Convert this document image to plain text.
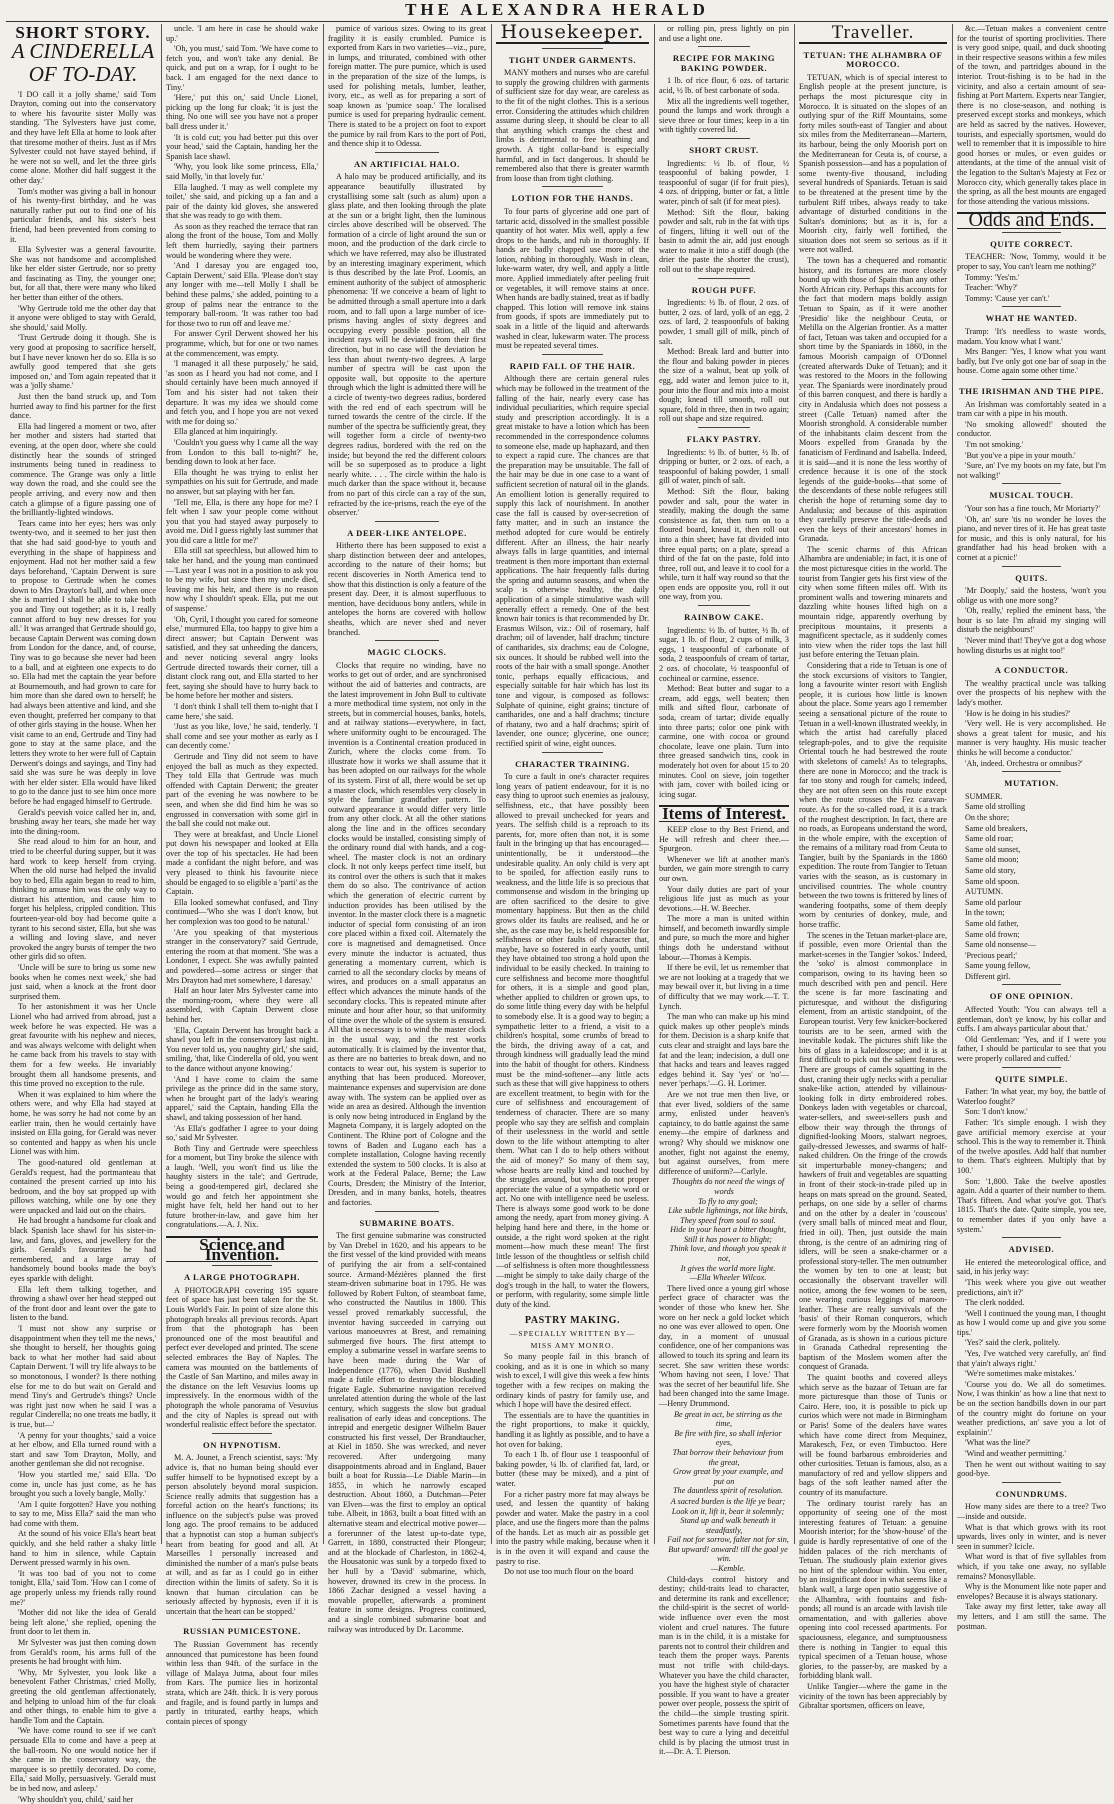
THE ALEXANDRA HERALD
SHORT STORY.
A CINDERELLA OF TO-DAY.

'I DO call it a jolly shame,' said Tom Drayton, coming out into the conservatory to where his favourite sister Molly was standing. 'The Sylvesters have just come, and they have left Ella at home to look after that tiresome mother of theirs. Just as if Mrs Sylvester could not have stayed behind, if he were not so well, and let the three girls come alone. Mother did half suggest it the other day.'

Tom's mother was giving a ball in honour of his twenty-first birthday, and he was naturally rather put out to find one of his particular friends, and his sister's best friend, had been prevented from coming to it.

Ella Sylvester was a general favourite. She was not handsome and accomplished like her elder sister Gertrude, nor so pretty and fascinating as Tiny, the younger one; but, for all that, there were many who liked her better than either of the others.

'Why Gertrude told me the other day that it anyone were obliged to stay with Gerald, she should,' said Molly.

'Trust Gertrude doing it though. She is very good at proposing to sacrifice herself, but I have never known her do so. Ella is so awfully good tempered that she gets imposed on,' and Tom again repeated that it was a 'jolly shame.'

Just then the band struck up, and Tom hurried away to find his partner for the first dance.

Ella had lingered a moment or two, after her mother and sisters had started that evening, at the open door, where she could distinctly hear the sounds of stringed instruments being tuned in readiness to commence. The Grange was only a little way down the road, and she could see the people arriving, and every now and then catch a glimpse of a figure passing one of the brilliantly-lighted windows.

Tears came into her eyes; hers was only twenty-two, and it seemed to her just then that she had said good-bye to youth and everything in the shape of happiness and enjoyment. Had not her mother said a few days beforehand, 'Captain Derwent is sure to propose to Gertrude when he comes down to Mrs Drayton's ball, and when once she is married I shall be able to take both you and Tiny out together; as it is, I really cannot afford to buy new dresses for you all.' It was arranged that Gertrude should go, because Captain Derwent was coming down from London for the dance, and, of course, Tiny was to go because she never had been to a ball, and at eighteen one expects to do so. Ella had met the captain the year before at Bournemouth, and had grown to care for him more than she dared own to herself; he had always been attentive and kind, and she even thought, preferred her company to that of other girls staying in the house. When her visit came to an end, Gertrude and Tiny had gone to stay at the same place, and the letters they wrote to her were full of Captain Derwent's doings and sayings, and Tiny had said she was sure he was deeply in love with her elder sister. Ella would have liked to go to the dance just to see him once more before he had engaged himself to Gertrude.

Gerald's peevish voice called her in, and, brushing away her tears, she made her way into the dining-room.

She read aloud to him for an hour, and tried to be cheerful during supper, but it was hard work to keep herself from crying. When the old nurse had helped the invalid boy to bed, Ella again began to read to him, thinking to amuse him was the only way to distract his attention, and cause him to forget his helpless, crippled condition. This fourteen-year-old boy had become quite a tyrant to his second sister, Ella, but she was a willing and loving slave, and never provoked the angry bursts of temper the two other girls did so often.

'Uncle will be sure to bring us some new books when he comes next week,' she had just said, when a knock at the front door surprised them.

To her astonishment it was her Uncle Lionel who had arrived from abroad, just a week before he was expected. He was a great favourite with his nephew and nieces, and was always welcome with delight when he came back from his travels to stay with them for a few weeks. He invariably brought them all handsome presents, and this time proved no exception to the rule.

When it was explained to him where the others were, and why Ella had stayed at home, he was sorry he had not come by an earlier train, then he would certainly have insisted on Ella going, for Gerald was never so contented and happy as when his uncle Lionel was with him.

The good-natured old gentleman at Gerald's request, had the portmanteau that contained the present carried up into his bedroom, and the boy sat propped up with pillows watching, while one by one they were unpacked and laid out on the chairs.

He had brought a handsome fur cloak and black Spanish lace shawl for his sister-in-law, and fans, gloves, and jewellery for the girls. Gerald's favourites he had remembered, and a large array of handsomely bound books made the boy's eyes sparkle with delight.

Ella left them talking together, and throwing a shawl over her head stepped out of the front door and leant over the gate to listen to the band.

'I must not show any surprise or disappointment when they tell me the news,' she thought to herself, her thoughts going back to what her mother had said about Captain Derwent. 'I will try life always to be so monotonous, I wonder? Is there nothing else for me to do but wait on Gerald and mend Tiny's and Gertrude's things? Uncle was right just now when he said I was a regular Cinderella; no one treats me badly, it is true, but—'

'A penny for your thoughts,' said a voice at her elbow, and Ella turned round with a start and saw Tom Drayton, Molly, and another gentleman she did not recognise.

'How you startled me,' said Ella. 'Do come in, uncle has just come, as he has brought you such a lovely bangle, Molly.'

'Am I quite forgotten? Have you nothing to say to me, Miss Ella?' said the man who had come with them.

At the sound of his voice Ella's heart beat quickly, and she held rather a shaky little hand to him in silence, while Captain Derwent pressed warmly in his own.

'It was too bad of you not to come tonight, Ella,' said Tom. 'How can I come of age properly unless my friends rally round me?'

'Mother did not like the idea of Gerald being left alone,' she replied, opening the front door to let them in.

Mr Sylvester was just then coming down from Gerald's room, his arms full of the presents he had brought with him.

'Why, Mr Sylvester, you look like a benevolent Father Christmas,' cried Molly, greeting the old gentleman affectionately, and helping to unload him of the fur cloak and other things, to enable him to give a handle Tom and the Captain.

'We have come round to see if we can't persuade Ella to come and have a peep at the ball-room. No one would notice her if she came in the conservatory way, the marquee is so prettily decorated. Do come, Ella,' said Molly, persuasively. 'Gerald must be in bed now, and asleep.'

'Why shouldn't you, child,' said her

uncle. 'I am here in case he should wake up.'

'Oh, you must,' said Tom. 'We have come to fetch you, and won't take any denial. Be quick, and put on a wrap, for I ought to be back. I am engaged for the next dance to Tiny.'

'Here,' put this on,' said Uncle Lionel, picking up the long fur cloak; 'it is just the thing. No one will see you have not a proper ball dress under it.'

'It is cold cut; you had better put this over your head,' said the Captain, handing her the Spanish lace shawl.

'Why, you look like some princess, Ella,' said Molly, 'in that lovely fur.'

Ella laughed. 'I may as well complete my toilet,' she said, and picking up a fan and a pair of the dainty kid gloves, she answered that she was ready to go with them.

As soon as they reached the terrace that ran along the front of the house, Tom and Molly left them hurriedly, saying their partners would be wondering where they were.

'And I daresay you are engaged too, Captain Derwent,' said Ella. 'Please don't stay any longer with me—tell Molly I shall be behind these palms,' she added, pointing to a group of palms near the entrance to the temporary ball-room. 'It was rather too bad for those two to run off and leave me.'

For answer Cyril Derwent showed her his programme, which, but for one or two names at the commencement, was empty.

'I managed it all these purposely,' he said, 'as soon as I heard you had not come, and I should certainly have been much annoyed if Tom and his sister had not taken their departure. It was my idea we should come and fetch you, and I hope you are not vexed with me for doing so.'

Ella glanced at him inquiringly.

'Couldn't you guess why I came all the way from London to this ball to-night?' he, bending down to look at her face.

Ella thought he was trying to enlist her sympathies on his suit for Gertrude, and made no answer, but sat playing with her fan.

'Tell me, Ella, is there any hope for me? I felt when I saw your people come without you that you had stayed away purposely to avoid me. Did I guess rightly last summer that you did care a little for me?'

Ella still sat speechless, but allowed him to take her hand, and the young man continued—'Last year I was not in a position to ask you to be my wife, but since then my uncle died, leaving me his heir, and there is no reason now why I shouldn't speak. Ella, put me out of suspense.'

'Oh, Cyril, I thought you cared for someone else,' murmured Ella, too happy to give him a direct answer; but Captain Derwent was satisfied, and they sat unheeding the dancers, and never noticing several angry looks Gertrude directed towards their corner, till a distant clock rang out, and Ella started to her feet, saying she should have to hurry back to be home before her mother and sisters.

'I don't think I shall tell them to-night that I came here,' she said.

'Just as you like, love,' he said, tenderly. 'I shall come and see your mother as early as I can decently come.'

Gertrude and Tiny did not seem to have enjoyed the ball as much as they expected. They told Ella that Gertrude was much offended with Captain Derwent; the greater part of the evening he was nowhere to be seen, and when she did find him he was so engrossed in conversation with some girl in the ball she could not make out.

They were at breakfast, and Uncle Lionel put down his newspaper and looked at Ella over the top of his spectacles. He had been made a confidant the night before, and was very pleased to think his favourite niece should be engaged to so eligible a 'parti' as the Captain.

Ella looked somewhat confused, and Tiny continued—'Who she was I don't know, but her complexion was too good to be natural.'

'Are you speaking of that mysterious stranger in the conservatory?' said Gertrude, entering the room at that moment. 'She was a Londoner, I expect. She was awfully painted and powdered—some actress or singer that Mrs Drayton had met somewhere, I daresay.'

Half an hour later Mrs Sylvester came into the morning-room, where they were all assembled, with Captain Derwent close behind her.

'Ella, Captain Derwent has brought back a shawl you left in the conservatory last night. You never told us, you naughty girl,' she said, smiling, 'that, like Cinderella of old, you went to the dance without anyone knowing.'

'And I have come to claim the same privilege as the prince did in the same story, when he brought part of the lady's wearing apparel,' said the Captain, handing Ella the shawl, and taking possession of her hand.

'As Ella's godfather I agree to your doing so,' said Mr Sylvester.

Both Tiny and Gertrude were speechless for a moment, but Tiny broke the silence with a laugh. 'Well, you won't find us like the haughty sisters in the tale'; and Gertrude, being a good-tempered girl, declared she would go and fetch her appointment she might have felt, held her hand out to her future brother-in-law, and gave him her congratulations.—A. J. Nix.

Science and Invention.
A LARGE PHOTOGRAPH.

A PHOTOGRAPH covering 195 square feet of space has just been taken for the St. Louis World's Fair. In point of size alone this photograph breaks all previous records. Apart from that the photograph has been pronounced one of the most beautiful and perfect ever developed and printed. The scene selected embraces the Bay of Naples. The camera was mounted on the battlements of the Castle of San Martino, and miles away in the distance on the left Vesuvius looms up impressively. In the enormous width of the photograph the whole panorama of Vesuvius and the city of Naples is spread out with wonderful realistic effect before the spectator.

ON HYPNOTISM.

M. A. Jounet, a French scientist, says: 'My advice is, that no human being should ever suffer himself to be hypnotised except by a person absolutely beyond moral suspicion. Science really admits that suggestion has a forceful action on the heart's functions; its influence on the subject's pulse was proved long ago. The proof remains to be adduced that a hypnotist can stop a human subject's heart from beating for good and all. At Marseilles I personally increased and diminished the number of a man's pulse beats at will, and as far as I could go in either direction within the limits of safety. So it is known that human circulation can be seriously affected by hypnosis, even if it is uncertain that the heart can be stopped.'

RUSSIAN PUMICESTONE.

The Russian Government has recently announced that pumicestone has been found within less than 94ft. of the surface in the village of Malaya Jutma, about four miles from Kars. The pumice lies in horizontal strata, which are 24ft. thick. It is very porous and fragile, and is found partly in lumps and partly in triturated, earthy heaps, which contain pieces of spongy

pumice of various sizes. Owing to its great fragility it is easily crumbled. Pumice is exported from Kars in two varieties—viz., pure, in lumps, and triturated, combined with other foreign matter. The pure pumice, which is used in the preparation of the size of the lumps, is used for polishing metals, lumber, leather, ivory, etc., as well as for preparing a sort of soap known as 'pumice soap.' The localised pumice is used for preparing hydraulic cement. There is stated to be a project on foot to export the pumice by rail from Kars to the port of Poti, and thence ship it to Odessa.

AN ARTIFICIAL HALO.

A halo may be produced artificially, and its appearance beautifully illustrated by crystallising some salt (such as alum) upon a glass plate, and then looking through the plate at the sun or a bright light, then the luminous circles above described will be observed. The formation of a circle of light around the sun or moon, and the production of the dark circle to which we have referred, may also be illustrated by an interesting imaginary experiment, which is thus described by the late Prof. Loomis, an eminent authority of the subject of atmospheric phenomena: 'If we conceive a beam of light to be admitted through a small aperture into a dark room, and to fall upon a large number of ice-prisms having angles of sixty degrees and occupying every possible position, all the incident rays will be deviated from their first direction, but in no case will the deviation be less than about twenty-two degrees. A large number of spectra will be cast upon the opposite wall, but opposite to the aperture through which the light is admitted there will be a circle of twenty-two degrees radius, bordered with the red end of each spectrum will be turned towards the centre of the circle. If the number of the spectra be sufficiently great, they will together form a circle of twenty-two degrees radius, bordered with the red on the inside; but beyond the red the different colours will be so superposed as to produce a light nearly white. . . . The circle within the halo is much darker than the space without it, because from no part of this circle can a ray of the sun, refracted by the ice-prisms, reach the eye of the observer.'

A DEER-LIKE ANTELOPE.

Hitherto there has been supposed to exist a sharp distinction between deer and antelopes, according to the nature of their horns; but recent discoveries in North America tend to show that this distinction is only a feature of the present day. Deer, it is almost superfluous to mention, have deciduous bony antlers, while in antelopes the horns are covered with hollow sheaths, which are never shed and never branched.

MAGIC CLOCKS.

Clocks that require no winding, have no works to get out of order, and are synchronised without the aid of batteries and contracts, are the latest improvement in John Bull to cultivate a more methodical time system, not only in the streets, but in commercial houses, banks, hotels, and at railway stations—everywhere, in fact, where uniformity ought to be encouraged. The invention is a Continental creation produced in Zurich, where the clocks come from. To illustrate how it works we shall assume that it has been adopted on our railways for the whole of its system. First of all, there would be set up a master clock, which resembles very closely in style the familiar grandfather pattern. To outward appearance it would differ very little from any other clock. At all the other stations along the line and in the offices secondary clocks would be installed, consisting simply of the ordinary round dial with hands, and a cog-wheel. The master clock is not an ordinary clock. It not only keeps perfect time itself, but its control over the others is such that it makes them do so also. The contrivance of action which the generation of electric current by induction provides has been utilised by the inventor. In the master clock there is a magnetic inductor of special form consisting of an iron core placed within a fixed coil. Alternately the core is magnetised and demagnetised. Once every minute the inductor is actuated, thus generating a momentary current, which is carried to all the secondary clocks by means of wires, and produces on a small apparatus an effect which advances the minute hands of the secondary clocks. This is repeated minute after minute and hour after hour, so that uniformity of time over the whole of the system is ensured. All that is necessary is to wind the master clock in the usual way, and the rest works automatically. It is claimed by the inventor that, as there are no batteries to break down, and no contacts to wear out, his system is superior to anything that has been produced. Moreover, maintenance expenses and supervision are done away with. The system can be applied over as wide an area as desired. Although the invention is only now being introduced in England by the Magneta Company, it is largely adopted on the Continent. The Rhine port of Cologne and the towns of Baden and Lugano each has a complete installation, Cologne having recently extended the system to 500 clocks. It is also at work at the Federal Palace, Berne; the Law Courts, Dresden; the Ministry of the Interior, Dresden, and in many banks, hotels, theatres and factories.

SUBMARINE BOATS.

The first genuine submarine was constructed by Van Drebel in 1620, and his appears to be the first vessel of the kind provided with means of purifying the air from a self-contained source. Armand-Mézières planned the first steam-driven submarine boat in 1795. He was followed by Robert Fulton, of steamboat fame, who constructed the Nautilus in 1800. This vessel proved remarkably successful, the inventor having succeeded in carrying out various manoeuvres at Brest, and remaining submerged five hours. The first attempt to employ a submarine vessel in warfare seems to have been made during the War of Independence (1776), when David Bushnell made a futile effort to destroy the blockading frigate Eagle. Submarine navigation received unrelated attention during the whole of the last century, which suggests the slow but gradual realisation of early ideas and conceptions. The intrepid and energetic designer Wilhelm Bauer constructed his first vessel, Der Brandtaucher, at Kiel in 1850. She was wrecked, and never recovered. After undergoing many disappointments abroad and in England, Bauer built a boat for Russia—Le Diable Marin—in 1855, in which he narrowly escaped destruction. About 1860, a Dutchman—Peter van Elven—was the first to employ an optical tube. Albeit, in 1863, built a boat fitted with an alternative steam and electrical motive power—a forerunner of the latest up-to-date type, Garrett, in 1880, constructed their Plongeur; and at the blockade of Charleston, in 1862-4, the Housatonic was sunk by a torpedo fixed to her hull by a 'David' submarine, which, however, drowned its crew in the process. In 1866 Zachar designed a vessel having a movable propeller, afterwards a prominent feature in some designs. Progress continued, and a single combined submarine boat and railway was introduced by Dr. Lacomme.

Housekeeper.
TIGHT UNDER GARMENTS.

MANY mothers and nurses who are careful to supply the growing children with garments of sufficient size for day wear, are careless as to the fit of the night clothes. This is a serious error. Considering the attitudes which children assume during sleep, it should be clear to all that anything which cramps the chest and limbs is detrimental to free breathing and growth. A tight collar-band is especially harmful, and in fact dangerous. It should be remembered also that there is greater warmth from loose than from tight clothing.

LOTION FOR THE HANDS.

To four parts of glycerine add one part of tartaric acid, dissolved in the smallest possible quantity of hot water. Mix well, apply a few drops to the hands, and rub in thoroughly. If hands are badly chapped use more of the lotion, rubbing in thoroughly. Wash in clean, luke-warm water, dry well, and apply a little more. Applied immediately after peeling fruit or vegetables, it will remove stains at once. When hands are badly stained, treat as if badly chapped. This lotion will remove ink stains from goods, if spots are immediately put to soak in a little of the liquid and afterwards washed in clear, lukewarm water. The process must be repeated several times.

RAPID FALL OF THE HAIR.

Although there are certain general rules which may be followed in the treatment of the falling of the hair, nearly every case has individual peculiarities, which require special study and prescription accordingly. It is a great mistake to have a lotion which has been recommended in the correspondence columns to someone else, made up haphazard, and then to expect a rapid cure. The chances are that the preparation may be unsuitable. The fall of the hair may be due in one case to a want of sufficient secretion of natural oil in the glands. An emollient lotion is generally required to supply this lack of nourishment. In another case the fall is caused by over-secretion of fatty matter, and in such an instance the method adopted for cure would be entirely different. After an illness, the hair nearly always falls in large quantities, and internal treatment is then more important than external applications. The hair frequently falls during the spring and autumn seasons, and when the scalp is otherwise healthy, the daily application of a simple stimulative wash will generally effect a remedy. One of the best known hair tonics is that recommended by Dr. Erasmus Wilson, viz.: Oil of rosemary, half drachm; oil of lavender, half drachm; tincture of cantharides, six drachms; eau de Cologne, six ounces. It should be rubbed well into the roots of the hair with a small sponge. Another tonic, perhaps equally efficacious, and especially suitable for hair which has lost its tone and vigour, is composed as follows: Sulphate of quinine, eight grains; tincture of cantharides, one and a half drachms; tincture of rhatany, two and a half drachms; spirit of lavender, one ounce; glycerine, one ounce; rectified spirit of wine, eight ounces.

CHARACTER TRAINING.

To cure a fault in one's character requires long years of patient endeavour, for it is no easy thing to uproot such enemies as jealousy, selfishness, etc., that have possibly been allowed to prevail unchecked for years and years. The selfish child is a reproach to its parents, for, more often than not, it is some fault in the bringing up that has encouraged—unintentionally, be it understood—the undesirable quality. An only child is very apt to be spoiled, for affection easily runs to weakness, and the little life is so precious that commonsense and wisdom in the bringing up are often sacrificed to the desire to give momentary happiness. But then as the child grows older its faults are realised, and he or she, as the case may be, is held responsible for selfishness or other faults of character that, maybe, have so fostered in early youth, until they have obtained too strong a hold upon the individual to be easily checked. In training to cure selfishness and become more thoughtful for others, it is a simple and good plan, whether applied to children or grown ups, to do some little thing every day with be helpful to somebody else. It is a good way to begin; a sympathetic letter to a friend, a visit to a children's hospital, some crumbs of bread to the birds, the driving away of a cat, and through kindness will gradually lead the mind into the habit of thought for others. Kindness must be the mind-softener—any little acts such as these that will give happiness to others are excellent treatment, to begin with for the cure of selfishness and encouragement of tenderness of character. There are so many people who say they are selfish and complain of their uselessness in the world and settle down to the life without attempting to alter them. 'What can I do to help others without the aid of money?' So many of them say, whose hearts are really kind and touched by the struggles around, but who do not proper appreciate the value of a sympathetic word or act. No one with intelligence need be useless. There is always some good work to be done among the needy, apart from money giving. A helping hand here and there, in the home or outside, a the right word spoken at the right moment—how much these mean! The first little lesson of the thoughtless or selfish child—of selfishness is often more thoughtlessness—might be simply to take daily charge of the dog's trough in the hall, to water the flowers, or perform, with regularity, some simple little duty of the kind.

PASTRY MAKING.
—SPECIALLY WRITTEN BY—
MISS AMY MONRO.

So many people fail in this branch of cooking, and as it is one in which so many wish to excel, I will give this week a few hints together with a few recipes on making the ordinary kinds of pastry for family use, and which I hope will have the desired effect.

The essentials are to have the quantities in the right proportions, to make it quickly, handling it as lightly as possible, and to have a hot oven for baking.

To each 1 lb. of flour use 1 teaspoonful of baking powder, ¼ lb. of clarified fat, lard, or butter (these may be mixed), and a pint of water.

For a richer pastry more fat may always be used, and lessen the quantity of baking powder and water. Make the pastry in a cool place, and use the fingers more than the palms of the hands. Let as much air as possible get into the pastry while making, because when it is in the oven it will expand and cause the pastry to rise.

Do not use too much flour on the board

or rolling pin, press lightly on pin and use a light one.

RECIPE FOR MAKING BAKING POWDER.

1 lb. of rice flour, 6 ozs. of tartaric acid, ½ lb. of best carbonate of soda.

Mix all the ingredients well together, pound the lumps and work through a sieve three or four times; keep in a tin with tightly covered lid.

SHORT CRUST.

Ingredients: ½ lb. of flour, ½ teaspoonful of baking powder, 1 teaspoonful of sugar (if for fruit pies), 4 ozs. of dripping, butter or fat, a little water, pinch of salt (if for meat pies).

Method: Sift the flour, baking powder and salt, rub in the fat with tips of fingers, lifting it well out of the basin to admit the air, add just enough water to make it into a stiff dough (the drier the paste the shorter the crust), roll out to the shape required.

ROUGH PUFF.

Ingredients: ½ lb. of flour, 2 ozs. of butter, 2 ozs. of lard, yolk of an egg, 2 ozs. of lard, 2 teaspoonfuls of baking powder, 1 small gill of milk, pinch of salt.

Method: Break lard and butter into the flour and baking powder in pieces the size of a walnut, beat up yolk of egg, add water and lemon juice to it, pour into the flour and mix into a moist dough; knead till smooth, roll out square, fold in three, then in two again; roll out shape and size required.

FLAKY PASTRY.

Ingredients: ½ lb. of butter, ½ lb. of dripping or butter, or 2 ozs. of each, a teaspoonful of baking powder, 1 small gill of water, pinch of salt.

Method: Sift the flour, baking powder and salt, pour the water in steadily, making the dough the same consistence as fat, then turn on to a floured board, knead it, then roll out into a thin sheet; have fat divided into three equal parts; on a plate, spread a third of the fat on the paste, fold into three, roll out, and leave it to cool for a while, turn it half way round so that the open ends are opposite you, roll it out one way, from you.

RAINBOW CAKE.

Ingredients: ½ lb. of butter, ½ lb. of sugar, 1 lb. of flour, 2 cups of milk, 3 eggs, 1 teaspoonful of carbonate of soda, 2 teaspoonfuls of cream of tartar, 2 ozs. of chocolate, ½ teaspoonful of cochineal or carmine, essence.

Method: Beat butter and sugar to a cream, add eggs, well beaten; then milk and sifted flour, carbonate of soda, cream of tartar; divide equally into three parts; color one pink with carmine, one with cocoa or ground chocolate, leave one plain. Turn into three greased sandwich tins, cook in moderately hot oven for about 15 to 20 minutes. Cool on sieve, join together with jam, cover with boiled icing or icing sugar.

Items of Interest.

KEEP close to thy Best Friend, and He will refresh and cheer thee.—Spurgeon.

Whenever we lift at another man's burden, we gain more strength to carry our own.

Your daily duties are part of your religious life just as much as your devotions.—H. W. Beecher.

The more a man is united within himself, and becometh inwardly simple and pure, so much the more and higher things doth he understand without labour.—Thomas à Kempis.

If there be evil, let us remember that we are not looking at a tragedy that we may bewail over it, but living in a time of difficulty that we may work.—T. T. Lynch.

The man who can make up his mind quick makes up other people's minds for them. Decision is a sharp knife that cuts clear and straight and lays bare the fat and the lean; indecision, a dull one that hacks and tears and leaves ragged edges behind it. Say 'yes' or 'no'—never 'perhaps.'—G. H. Lorimer.

Are we not true men then live, or that ever lived, soldiers of the same army, enlisted under heaven's captaincy, to do battle against the same enemy—the empire of darkness and wrong? Why should we misknow one another, fight not against the enemy, but against ourselves, from mere difference of uniform?—Carlyle.

Thoughts do not need the wings of words
To fly to any goal;
Like subtle lightnings, not like birds,
They speed from soul to soul.
Hide in your heart a bitter thought,
Still it has power to blight;
Think love, and though you speak it not,
It gives the world more light.
—Ella Wheeler Wilcox.

There lived once a young girl whose perfect grace of character was the wonder of those who knew her. She wore on her neck a gold locket which no one was ever allowed to open. One day, in a moment of unusual confidence, one of her companions was allowed to touch its spring and learn its secret. She saw written these words: 'Whom having not seen, I love.' That was the secret of her beautiful life. She had been changed into the same Image.—Henry Drummond.

Be great in act, be stirring as the time,
Be fire with fire, so shall inferior eyes,
That borrow their behaviour from the great,
Grow great by your example, and put on
The dauntless spirit of resolution.

A sacred burden is the life ye bear;
Look on it, lift it, bear it solemnly;
Stand up and walk beneath it steadfastly,
Fail not for sorrow, falter not for sin,
But upward! onward! till the goal ye win.
—Kemble.

Child-days control history and destiny; child-traits lead to character, and determine its rank and excellence; the child-spirit is the secret of world-wide influence over even the most violent and cruel natures. The future man is in the child, it is a mistake for parents not to control their children and teach them the proper ways. Parents must not trifle with child-days. Whatever you have the child character, you have the highest style of character possible. If you want to have a greater power over people, possess the spirit of the child—the simple trusting spirit. Sometimes parents have found that the best way to cure a lying and deceitful child is by placing the utmost trust in it.—Dr. A. T. Pierson.

Traveller.
TETUAN: THE ALHAMBRA OF MOROCCO.

TETUAN, which is of special interest to English people at the present juncture, is perhaps the most picturesque city in Morocco. It is situated on the slopes of an outlying spur of the Riff Mountains, some forty miles south-east of Tangier and about six miles from the Mediterranean—Martern, its harbour, being the only Moorish port on the Mediterranean for Ceuta is, of course, a Spanish possession—and has a population of some twenty-five thousand, including several hundreds of Spaniards. Tetuan is said to be threatened at the present time by the turbulent Riff tribes, always ready to take advantage of disturbed conditions in the Sultan's dominions; but as it is, for a Moorish city, fairly well fortified, the situation does not seem so serious as if it were not walled.

The town has a chequered and romantic history, and its fortunes are more closely bound up with those of Spain than any other North African city. Perhaps this accounts for the fact that modern maps boldly assign Tetuan to Spain, as if it were another 'Presidio' like the neighbour Ceuta, or Melilla on the Algerian frontier. As a matter of fact, Tetuan was taken and occupied for a short time by the Spaniards in 1860, in the famous Moorish campaign of O'Donnel (created afterwards Duke of Tetuan); and it was restored to the Moors in the following year. The Spaniards were inordinately proud of this barren conquest, and there is hardly a city in Andalusia which does not possess a street (Calle Tetuan) named after the Moorish stronghold. A considerable number of the inhabitants claim descent from the Moors expelled from Granada by the fanaticism of Ferdinand and Isabella. Indeed, it is said—and it is none the less worthy of credence because it is one of the stock legends of the guide-books—that some of the descendants of these noble refugees still cherish the hope of returning some day to Andalusia; and because of this aspiration they carefully preserve the title-deeds and even the keys of their ancestors' homes in Granada.

The scenic charms of this African Alhambra are undeniable; in fact, it is one of the most picturesque cities in the world. The tourist from Tangier gets his first view of the city when some fifteen miles off. With its prominent walls and towering minarets and dazzling white houses lifted high on a mountain ridge, apparently overhung by precipitous mountains, it presents a magnificent spectacle, as it suddenly comes into view when the rider tops the last hill just before entering the Tetuan plain.

Considering that a ride to Tetuan is one of the stock excursions of visitors to Tangier, long a favourite winter resort with English people, it is curious how little is known about the place. Some years ago I remember seeing a sensational picture of the route to Tetuan in a well-known illustrated weekly, in which the artist had carefully placed telegraph-poles, and to give the requisite Oriental touch he had bestrewed the route with skeletons of camels! As to telegraphs, there are none in Morocco; and the track is far too stony and rough for camels; indeed, they are not often seen on this route except when the route crosses the Fez caravan-route. As for the so-called road, it is a track of the roughest description. In fact, there are no roads, as Europeans understand the word, in the whole empire, with the exception of the remains of a military road from Ceuta to Tangier, built by the Spaniards in the 1860 expedition. The route from Tangier to Tetuan varies with the season, as is customary in uncivilised countries. The whole country between the two towns is frittered by lines of wandering footpaths, some of them deeply worn by centuries of donkey, mule, and horse traffic.

The scenes in the Tetuan market-place are, if possible, even more Oriental than the market-scenes in the Tangier 'sokos.' Indeed, the 'soko' is almost commonplace in comparison, owing to its having been so much described with pen and pencil. Here the scene is far more fascinating and picturesque, and without the disfiguring element, from an artistic standpoint, of the European tourist. Very few knicker-bockered tourists are to be seen, armed with the inevitable kodak. The pictures shift like the bits of glass in a kaleidoscope; and it is at first difficult to pick out the salient features. There are groups of camels squatting in the dust, craning their ugly necks with a peculiar snake-like action, attended by villainous-looking folk in dirty embroidered robes. Donkeys laden with vegetables or charcoal, water-sellers, and sweet-sellers push and elbow their way through the throngs of dignified-looking Moors, stalwart negroes, gaily-dressed Jewesses, and swarms of half-naked children. On the fringe of the crowds sit imperturbable money-changers; and hawkers of fruit and vegetables are squatting in front of their stock-in-trade piled up in heaps on mats spread on the ground. Seated, perhaps, on one side by a seller of charms and on the other by a dealer in 'couscous' (very small balls of minced meat and flour, fried in oil). Then, just outside the main throng, is the centre of an admiring ring of idlers, will be seen a snake-charmer or a professional story-teller. The men outnumber the women by ten to one at least; but occasionally the observant traveller will notice, among the few women to be seen, one wearing curious leggings of maroon-leather. These are really survivals of the 'basis' of their Roman conquerors, which were formerly worn by the Moorish women of Granada, as is shown in a curious picture in Granada Cathedral representing the baptism of the Moslem women after the conquest of Granada.

The quaint booths and covered alleys which serve as the bazaar of Tetuan are far more picturesque than those of Tunis or Cairo. Here, too, it is possible to pick up curios which were not made in Birmingham or Paris! Some of the dealers have wares which have come direct from Mequinez, Marakesch, Fez, or even Timbuctoo. Here will be found barbarous embroideries and other curiosities. Tetuan is famous, also, as a manufactory of red and yellow slippers and bags of the soft leather named after the country of its manufacture.

The ordinary tourist rarely has an opportunity of seeing one of the most interesting features of Tetuan: a genuine Moorish interior; for the 'show-house' of the guide is hardly representative of one of the hidden palaces of the rich merchants of Tetuan. The studiously plain exterior gives no hint of the splendour within. You enter, by an insignificant door in what seems like a blank wall, a large open patio suggestive of the Alhambra, with fountains and fish-ponds; all round is an arcade with lavish tile ornamentation, and with galleries above opening into cool recessed apartments. For spaciousness, elegance, and sumptuousness there is nothing in Tangier to equal this typical specimen of a Tetuan house, whose glories, to the passer-by, are masked by a forbidding blank wall.

Unlike Tangier—where the game in the vicinity of the town has been appreciably by Gibraltar sportsmen, officers on leave,

&c.—Tetuan makes a convenient centre for the tourist of sporting proclivities. There is very good snipe, quail, and duck shooting in their respective seasons within a few miles of the town, and partridges abound in the interior. Trout-fishing is to be had in the vicinity, and also a certain amount of sea-fishing at Port Martern. Experts near Tangier, there is no close-season, and nothing is preserved except storks and monkeys, which are held as sacred by the natives. However, tourists, and especially sportsmen, would do well to remember that it is impossible to hire good horses or mules, or even guides or attendants, at the time of the annual visit of the legation to the Sultan's Majesty at Fez or Morocco city, which generally takes place in the spring, as all the best mounts are engaged for those attending the various missions.

Odds and Ends.
QUITE CORRECT.

TEACHER: 'Now, Tommy, would it be proper to say, You can't learn me nothing?'

Tommy: 'Yes'm.'

Teacher: 'Why?'

Tommy: 'Cause yer can't.'

WHAT HE WANTED.

Tramp: 'It's needless to waste words, madam. You know what I want.'

Mrs Banger: 'Yes, I know what you want badly, but I've only got one bar of soap in the house. Come again some other time.'

THE IRISHMAN AND THE PIPE.

An Irishman was comfortably seated in a tram car with a pipe in his mouth.

'No smoking allowed!' shouted the conductor.

'I'm not smoking.'

'But you've a pipe in your mouth.'

'Sure, an' I've my boots on my fate, but I'm not walking!'

MUSICAL TOUCH.

'Your son has a fine touch, Mr Moriarty?'

'Oh, an' sure 'tis no wonder he loves the piano, and never tires of it. He has great taste for music, and this is only natural, for his grandfather had his head broken with a cornet at a picnic!'

QUITS.

'Mr Dooply,' said the hostess, 'won't you oblige us with one more song?'

'Oh, really,' replied the eminent bass, 'the hour is so late I'm afraid my singing will disturb the neighbours!'

'Never mind that! They've got a dog whose howling disturbs us at night too!'

A CONDUCTOR.

The wealthy practical uncle was talking over the prospects of his nephew with the lady's mother.

'How is he doing in his studies?'

'Very well. He is very accomplished. He shows a great talent for music, and his manner is very haughty. His music teacher thinks he will become a conductor.'

'Ah, indeed. Orchestra or omnibus?'

MUTATION.

SUMMER.

Same old strolling

On the shore;

Same old breakers,

Same old roar;

Same old sunset,

Same old moon;

Same old story,

Same old spoon.

AUTUMN.

Same old parlour

In the town;

Same old father,

Same old frown;

Same old nonsense—

'Precious pearl;'

Same young fellow,

Different girl.

OF ONE OPINION.

Affected Youth: 'You can always tell a gentleman, don't ye know, by his collar and cuffs. I am always particular about that.'

Old Gentleman: 'Yes, and if I were you father, I should be particular to see that you were properly collared and cuffed.'

QUITE SIMPLE.

Father: 'In what year, my boy, the battle of Waterloo fought?'

Son: 'I don't know.'

Father: 'It's simple enough. I wish they gave artificial memory exercise at your school. This is the way to remember it. Think of the twelve apostles. Add half that number to them. That's eighteen. Multiply that by 100.'

Son: '1,800. Take the twelve apostles again. Add a quarter of their number to them. That's fifteen. And what you've got. That's 1815. That's the date. Quite simple, you see, to remember dates if you only have a system.'

ADVISED.

He entered the meteorological office, and said, in his jerky way:

'This week where you give out weather predictions, ain't it?'

The clerk nodded.

'Well I continued the young man, I thought as how I would come up and give you some tips.'

'Yes?' said the clerk, politely.

'Yes, I've watched very carefully, an' find that y'ain't always right.'

'We're sometimes make mistakes.'

'Course you do. We all do sometimes. Now, I was thinkin' as how a line that next to be on the section handbills down in our part of the country might do fortune on your weather predictions, an' save you a lot of explainin'.'

'What was the line?'

'Wind and weather permitting.'

Then he went out without waiting to say good-bye.

CONUNDRUMS.

How many sides are there to a tree? Two—inside and outside.

What is that which grows with its root upwards, lives only in winter, and is never seen in summer? Icicle.

What word is that of five syllables from which, if you take one away, no syllable remains? Monosyllable.

Why is the Monument like note paper and envelopes? Because it is always stationary.

Take away my first letter, take away all my letters, and I am still the same. The postman.
